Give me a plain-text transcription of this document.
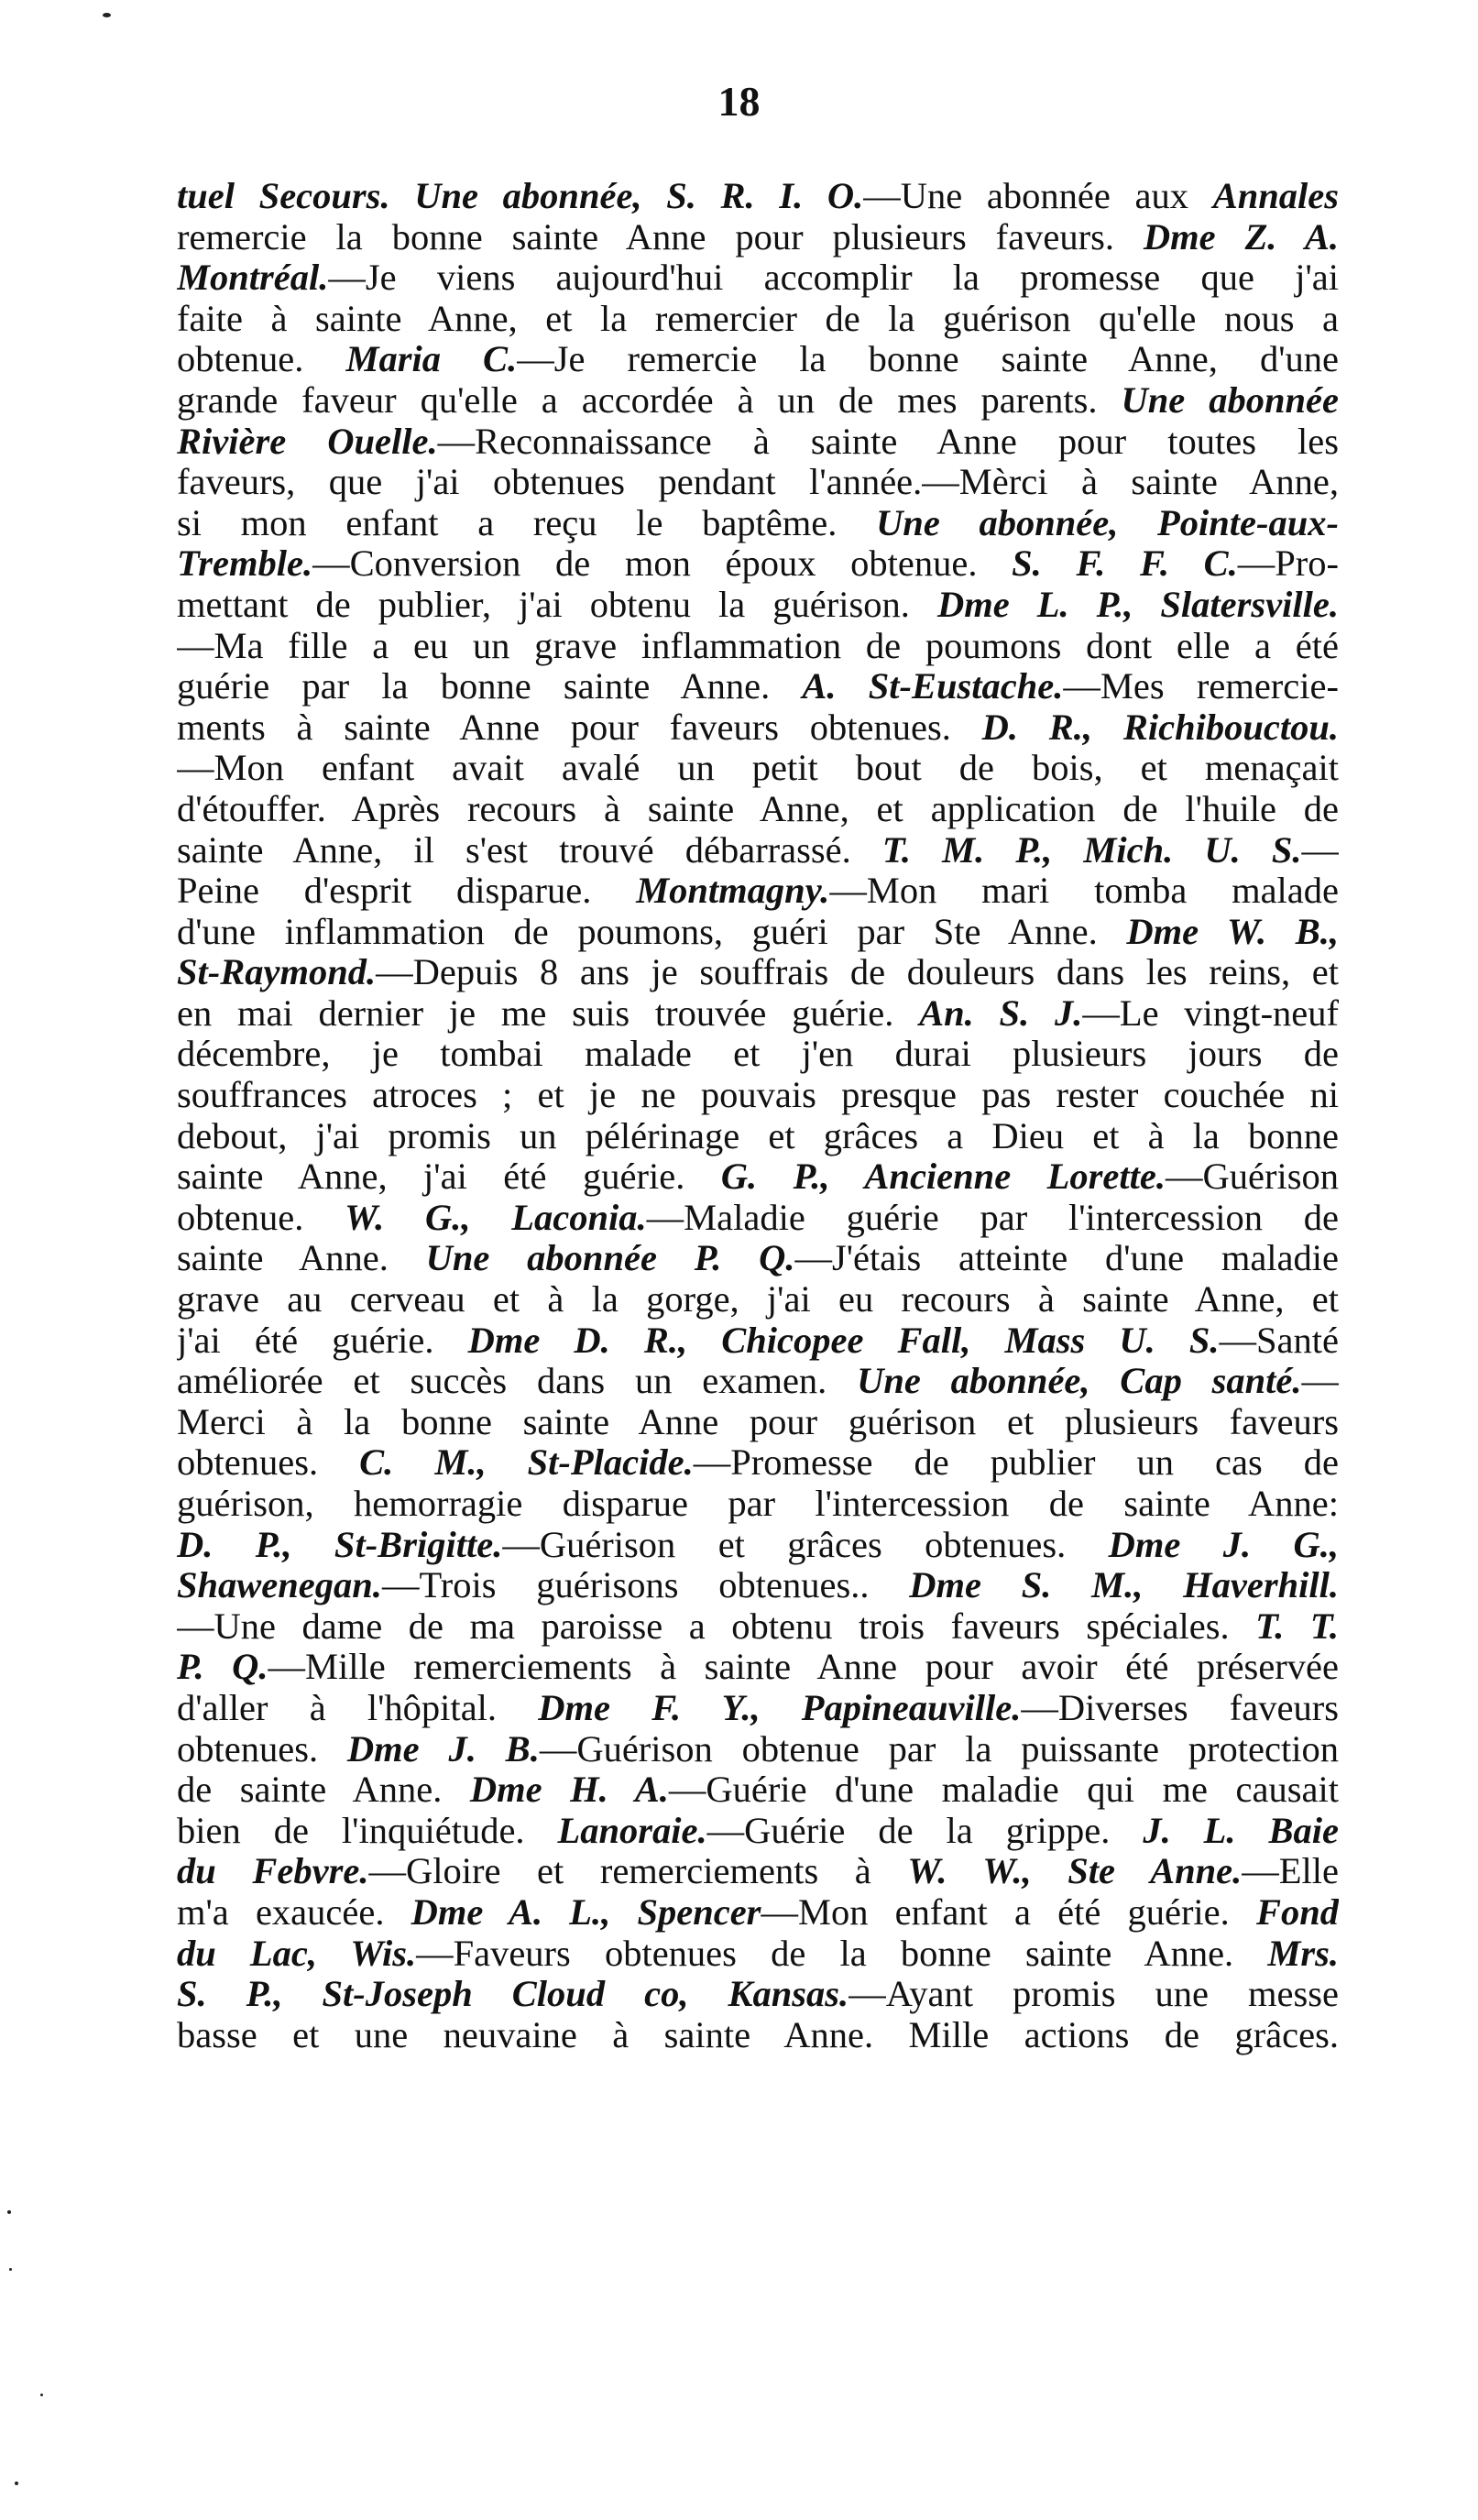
18
tuel Secours. Une abonnée, S. R. I. O.—Une abonnée aux Annales
remercie la bonne sainte Anne pour plusieurs faveurs. Dme Z. A.
Montréal.—Je viens aujourd'hui accomplir la promesse que j'ai
faite à sainte Anne, et la remercier de la guérison qu'elle nous a
obtenue. Maria C.—Je remercie la bonne sainte Anne, d'une
grande faveur qu'elle a accordée à un de mes parents. Une abonnée
Rivière Ouelle.—Reconnaissance à sainte Anne pour toutes les
faveurs, que j'ai obtenues pendant l'année.—Mèrci à sainte Anne,
si mon enfant a reçu le baptême. Une abonnée, Pointe-aux-
Tremble.—Conversion de mon époux obtenue. S. F. F. C.—Pro-
mettant de publier, j'ai obtenu la guérison. Dme L. P., Slatersville.
—Ma fille a eu un grave inflammation de poumons dont elle a été
guérie par la bonne sainte Anne. A. St-Eustache.—Mes remercie-
ments à sainte Anne pour faveurs obtenues. D. R., Richibouctou.
—Mon enfant avait avalé un petit bout de bois, et menaçait
d'étouffer. Après recours à sainte Anne, et application de l'huile de
sainte Anne, il s'est trouvé débarrassé. T. M. P., Mich. U. S.—
Peine d'esprit disparue. Montmagny.—Mon mari tomba malade
d'une inflammation de poumons, guéri par Ste Anne. Dme W. B.,
St-Raymond.—Depuis 8 ans je souffrais de douleurs dans les reins, et
en mai dernier je me suis trouvée guérie. An. S. J.—Le vingt-neuf
décembre, je tombai malade et j'en durai plusieurs jours de
souffrances atroces ; et je ne pouvais presque pas rester couchée ni
debout, j'ai promis un pélérinage et grâces a Dieu et à la bonne
sainte Anne, j'ai été guérie. G. P., Ancienne Lorette.—Guérison
obtenue. W. G., Laconia.—Maladie guérie par l'intercession de
sainte Anne. Une abonnée P. Q.—J'étais atteinte d'une maladie
grave au cerveau et à la gorge, j'ai eu recours à sainte Anne, et
j'ai été guérie. Dme D. R., Chicopee Fall, Mass U. S.—Santé
améliorée et succès dans un examen. Une abonnée, Cap santé.—
Merci à la bonne sainte Anne pour guérison et plusieurs faveurs
obtenues. C. M., St-Placide.—Promesse de publier un cas de
guérison, hemorragie disparue par l'intercession de sainte Anne:
D. P., St-Brigitte.—Guérison et grâces obtenues. Dme J. G.,
Shawenegan.—Trois guérisons obtenues.. Dme S. M., Haverhill.
—Une dame de ma paroisse a obtenu trois faveurs spéciales. T. T.
P. Q.—Mille remerciements à sainte Anne pour avoir été préservée
d'aller à l'hôpital. Dme F. Y., Papineauville.—Diverses faveurs
obtenues. Dme J. B.—Guérison obtenue par la puissante protection
de sainte Anne. Dme H. A.—Guérie d'une maladie qui me causait
bien de l'inquiétude. Lanoraie.—Guérie de la grippe. J. L. Baie
du Febvre.—Gloire et remerciements à W. W., Ste Anne.—Elle
m'a exaucée. Dme A. L., Spencer—Mon enfant a été guérie. Fond
du Lac, Wis.—Faveurs obtenues de la bonne sainte Anne. Mrs.
S. P., St-Joseph Cloud co, Kansas.—Ayant promis une messe
basse et une neuvaine à sainte Anne. Mille actions de grâces.
